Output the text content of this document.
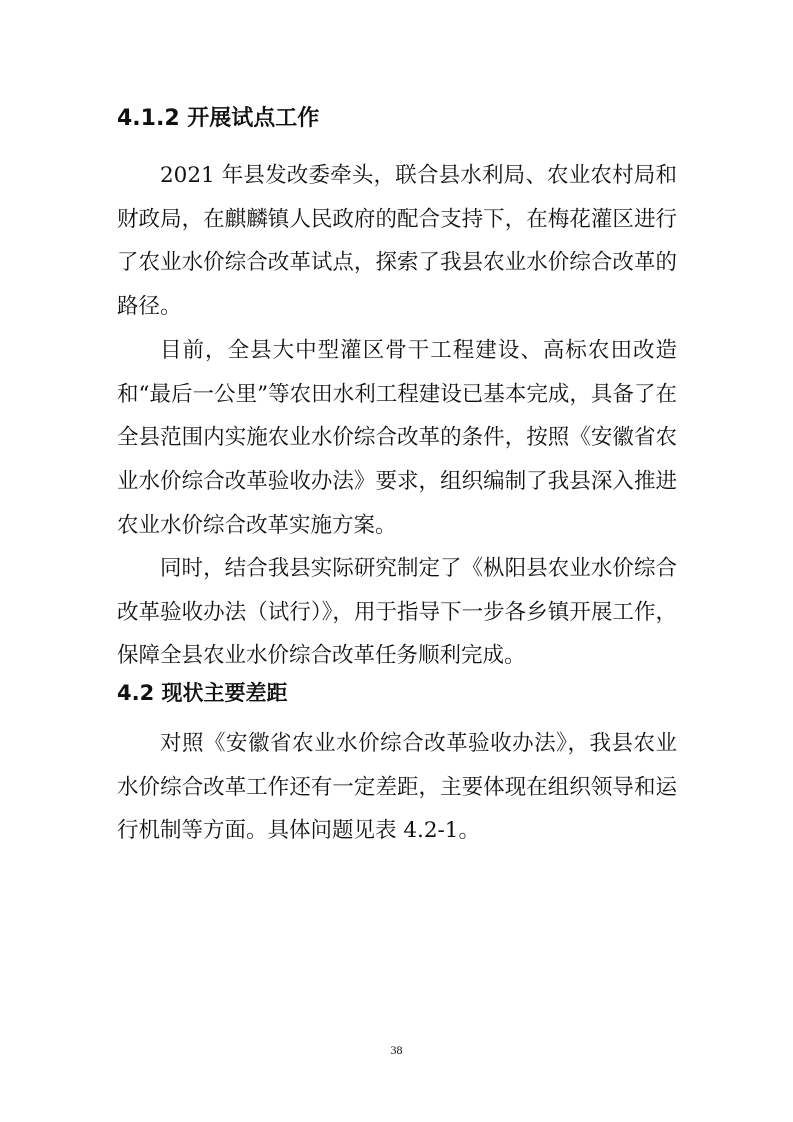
4.1.2 开展试点工作

2021 年县发改委牵头，联合县水利局、农业农村局和财政局，在麒麟镇人民政府的配合支持下，在梅花灌区进行了农业水价综合改革试点，探索了我县农业水价综合改革的路径。

目前，全县大中型灌区骨干工程建设、高标农田改造和“最后一公里”等农田水利工程建设已基本完成，具备了在全县范围内实施农业水价综合改革的条件，按照《安徽省农业水价综合改革验收办法》要求，组织编制了我县深入推进农业水价综合改革实施方案。

同时，结合我县实际研究制定了《枞阳县农业水价综合改革验收办法（试行）》，用于指导下一步各乡镇开展工作，保障全县农业水价综合改革任务顺利完成。

4.2 现状主要差距

对照《安徽省农业水价综合改革验收办法》，我县农业水价综合改革工作还有一定差距，主要体现在组织领导和运行机制等方面。具体问题见表 4.2-1。

38
